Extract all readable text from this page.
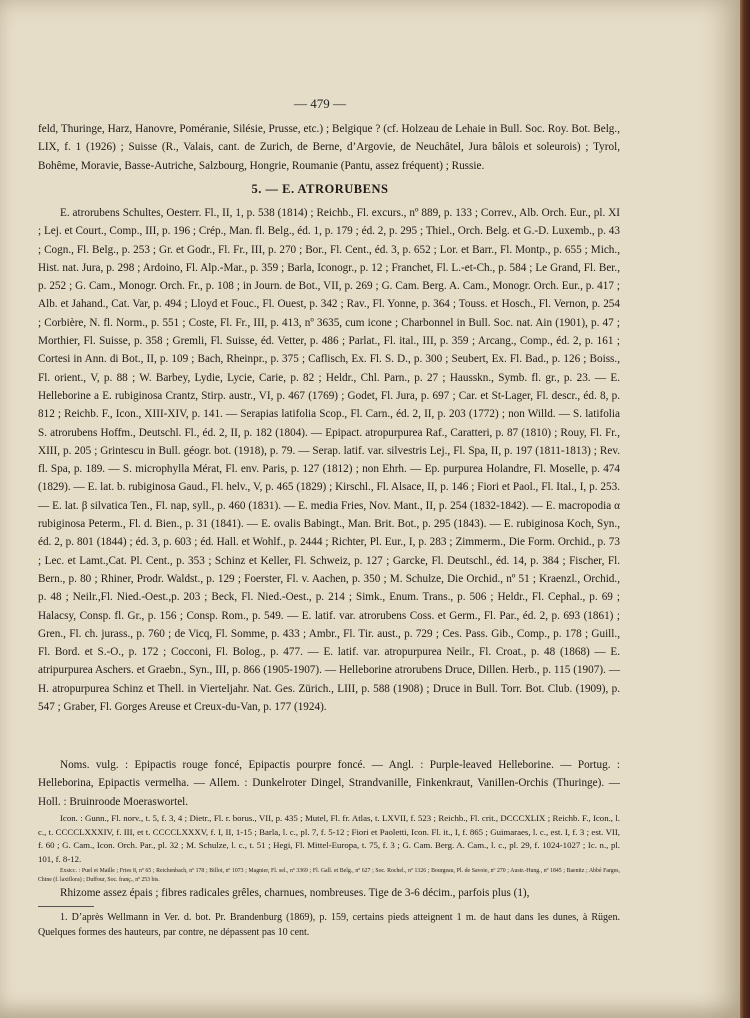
— 479 —

feld, Thuringe, Harz, Hanovre, Poméranie, Silésie, Prusse, etc.) ; Belgique ? (cf. Holzeau de Lehaie in Bull. Soc. Roy. Bot. Belg., LIX, f. 1 (1926) ; Suisse (R., Valais, cant. de Zurich, de Berne, d’Argovie, de Neuchâtel, Jura bâlois et soleurois) ; Tyrol, Bohême, Moravie, Basse-Autriche, Salzbourg, Hongrie, Roumanie (Pantu, assez fréquent) ; Russie.

5. — E. ATRORUBENS

E. atrorubens Schultes, Oesterr. Fl., II, 1, p. 538 (1814) ; Reichb., Fl. excurs., nº 889, p. 133 ; Correv., Alb. Orch. Eur., pl. XI ; Lej. et Court., Comp., III, p. 196 ; Crép., Man. fl. Belg., éd. 1, p. 179 ; éd. 2, p. 295 ; Thiel., Orch. Belg. et G.-D. Luxemb., p. 43 ; Cogn., Fl. Belg., p. 253 ; Gr. et Godr., Fl. Fr., III, p. 270 ; Bor., Fl. Cent., éd. 3, p. 652 ; Lor. et Barr., Fl. Montp., p. 655 ; Mich., Hist. nat. Jura, p. 298 ; Ardoino, Fl. Alp.-Mar., p. 359 ; Barla, Iconogr., p. 12 ; Franchet, Fl. L.-et-Ch., p. 584 ; Le Grand, Fl. Ber., p. 252 ; G. Cam., Monogr. Orch. Fr., p. 108 ; in Journ. de Bot., VII, p. 269 ; G. Cam. Berg. A. Cam., Monogr. Orch. Eur., p. 417 ; Alb. et Jahand., Cat. Var, p. 494 ; Lloyd et Fouc., Fl. Ouest, p. 342 ; Rav., Fl. Yonne, p. 364 ; Touss. et Hosch., Fl. Vernon, p. 254 ; Corbière, N. fl. Norm., p. 551 ; Coste, Fl. Fr., III, p. 413, nº 3635, cum icone ; Charbonnel in Bull. Soc. nat. Ain (1901), p. 47 ; Morthier, Fl. Suisse, p. 358 ; Gremli, Fl. Suisse, éd. Vetter, p. 486 ; Parlat., Fl. ital., III, p. 359 ; Arcang., Comp., éd. 2, p. 161 ; Cortesi in Ann. di Bot., II, p. 109 ; Bach, Rheinpr., p. 375 ; Caflisch, Ex. Fl. S. D., p. 300 ; Seubert, Ex. Fl. Bad., p. 126 ; Boiss., Fl. orient., V, p. 88 ; W. Barbey, Lydie, Lycie, Carie, p. 82 ; Heldr., Chl. Parn., p. 27 ; Hausskn., Symb. fl. gr., p. 23. — E. Helleborine a E. rubiginosa Crantz, Stirp. austr., VI, p. 467 (1769) ; Godet, Fl. Jura, p. 697 ; Car. et St-Lager, Fl. descr., éd. 8, p. 812 ; Reichb. F., Icon., XIII-XIV, p. 141. — Serapias latifolia Scop., Fl. Carn., éd. 2, II, p. 203 (1772) ; non Willd. — S. latifolia S. atrorubens Hoffm., Deutschl. Fl., éd. 2, II, p. 182 (1804). — Epipact. atropurpurea Raf., Caratteri, p. 87 (1810) ; Rouy, Fl. Fr., XIII, p. 205 ; Grintescu in Bull. géogr. bot. (1918), p. 79. — Serap. latif. var. silvestris Lej., Fl. Spa, II, p. 197 (1811-1813) ; Rev. fl. Spa, p. 189. — S. microphylla Mérat, Fl. env. Paris, p. 127 (1812) ; non Ehrh. — Ep. purpurea Holandre, Fl. Moselle, p. 474 (1829). — E. lat. b. rubiginosa Gaud., Fl. helv., V, p. 465 (1829) ; Kirschl., Fl. Alsace, II, p. 146 ; Fiori et Paol., Fl. Ital., I, p. 253. — E. lat. β silvatica Ten., Fl. nap, syll., p. 460 (1831). — E. media Fries, Nov. Mant., II, p. 254 (1832-1842). — E. macropodia α rubiginosa Peterm., Fl. d. Bien., p. 31 (1841). — E. ovalis Babingt., Man. Brit. Bot., p. 295 (1843). — E. rubiginosa Koch, Syn., éd. 2, p. 801 (1844) ; éd. 3, p. 603 ; éd. Hall. et Wohlf., p. 2444 ; Richter, Pl. Eur., I, p. 283 ; Zimmerm., Die Form. Orchid., p. 73 ; Lec. et Lamt.,Cat. Pl. Cent., p. 353 ; Schinz et Keller, Fl. Schweiz, p. 127 ; Garcke, Fl. Deutschl., éd. 14, p. 384 ; Fischer, Fl. Bern., p. 80 ; Rhiner, Prodr. Waldst., p. 129 ; Foerster, Fl. v. Aachen, p. 350 ; M. Schulze, Die Orchid., nº 51 ; Kraenzl., Orchid., p. 48 ; Neilr.,Fl. Nied.-Oest.,p. 203 ; Beck, Fl. Nied.-Oest., p. 214 ; Simk., Enum. Trans., p. 506 ; Heldr., Fl. Cephal., p. 69 ; Halacsy, Consp. fl. Gr., p. 156 ; Consp. Rom., p. 549. — E. latif. var. atrorubens Coss. et Germ., Fl. Par., éd. 2, p. 693 (1861) ; Gren., Fl. ch. jurass., p. 760 ; de Vicq, Fl. Somme, p. 433 ; Ambr., Fl. Tir. aust., p. 729 ; Ces. Pass. Gib., Comp., p. 178 ; Guill., Fl. Bord. et S.-O., p. 172 ; Cocconi, Fl. Bolog., p. 477. — E. latif. var. atropurpurea Neilr., Fl. Croat., p. 48 (1868) — E. atripurpurea Aschers. et Graebn., Syn., III, p. 866 (1905-1907). — Helleborine atrorubens Druce, Dillen. Herb., p. 115 (1907). — H. atropurpurea Schinz et Thell. in Vierteljahr. Nat. Ges. Zürich., LIII, p. 588 (1908) ; Druce in Bull. Torr. Bot. Club. (1909), p. 547 ; Graber, Fl. Gorges Areuse et Creux-du-Van, p. 177 (1924).

Noms. vulg. : Epipactis rouge foncé, Epipactis pourpre foncé. — Angl. : Purple-leaved Helleborine. — Portug. : Helleborina, Epipactis vermelha. — Allem. : Dunkelroter Dingel, Strandvanille, Finkenkraut, Vanillen-Orchis (Thuringe). — Holl. : Bruinroode Moeraswortel.

Icon. : Gunn., Fl. norv., t. 5, f. 3, 4 ; Dietr., Fl. r. borus., VII, p. 435 ; Mutel, Fl. fr. Atlas, t. LXVII, f. 523 ; Reichb., Fl. crit., DCCCXLIX ; Reichb. F., Icon., l. c., t. CCCCLXXXIV, f. III, et t. CCCCLXXXV, f. I, II, 1-15 ; Barla, l. c., pl. 7, f. 5-12 ; Fiori et Paoletti, Icon. Fl. it., I, f. 865 ; Guimaraes, l. c., est. I, f. 3 ; est. VII, f. 60 ; G. Cam., Icon. Orch. Par., pl. 32 ; M. Schulze, l. c., t. 51 ; Hegi, Fl. Mittel-Europa, t. 75, f. 3 ; G. Cam. Berg. A. Cam., l. c., pl. 29, f. 1024-1027 ; Ic. n., pl. 101, f. 8-12.

Exsicc. : Puel et Maille ; Fries 8, nº 65 ; Reichenbach, nº 178 ; Billot, nº 1073 ; Magnier, Fl. sel., nº 3369 ; Fl. Gall. et Belg., nº 627 ; Soc. Rochel., nº 1326 ; Bourgeau, Pl. de Savoie, nº 270 ; Austr.-Hung., nº 1845 ; Baenitz ; Abbé Farges, Chine (f. laxiflora) ; Duffour, Soc. franç., nº 253 bis.

Rhizome assez épais ; fibres radicales grêles, charnues, nombreuses. Tige de 3-6 décim., parfois plus (1),

1. D’après Wellmann in Ver. d. bot. Pr. Brandenburg (1869), p. 159, certains pieds atteignent 1 m. de haut dans les dunes, à Rügen. Quelques formes des hauteurs, par contre, ne dépassent pas 10 cent.
